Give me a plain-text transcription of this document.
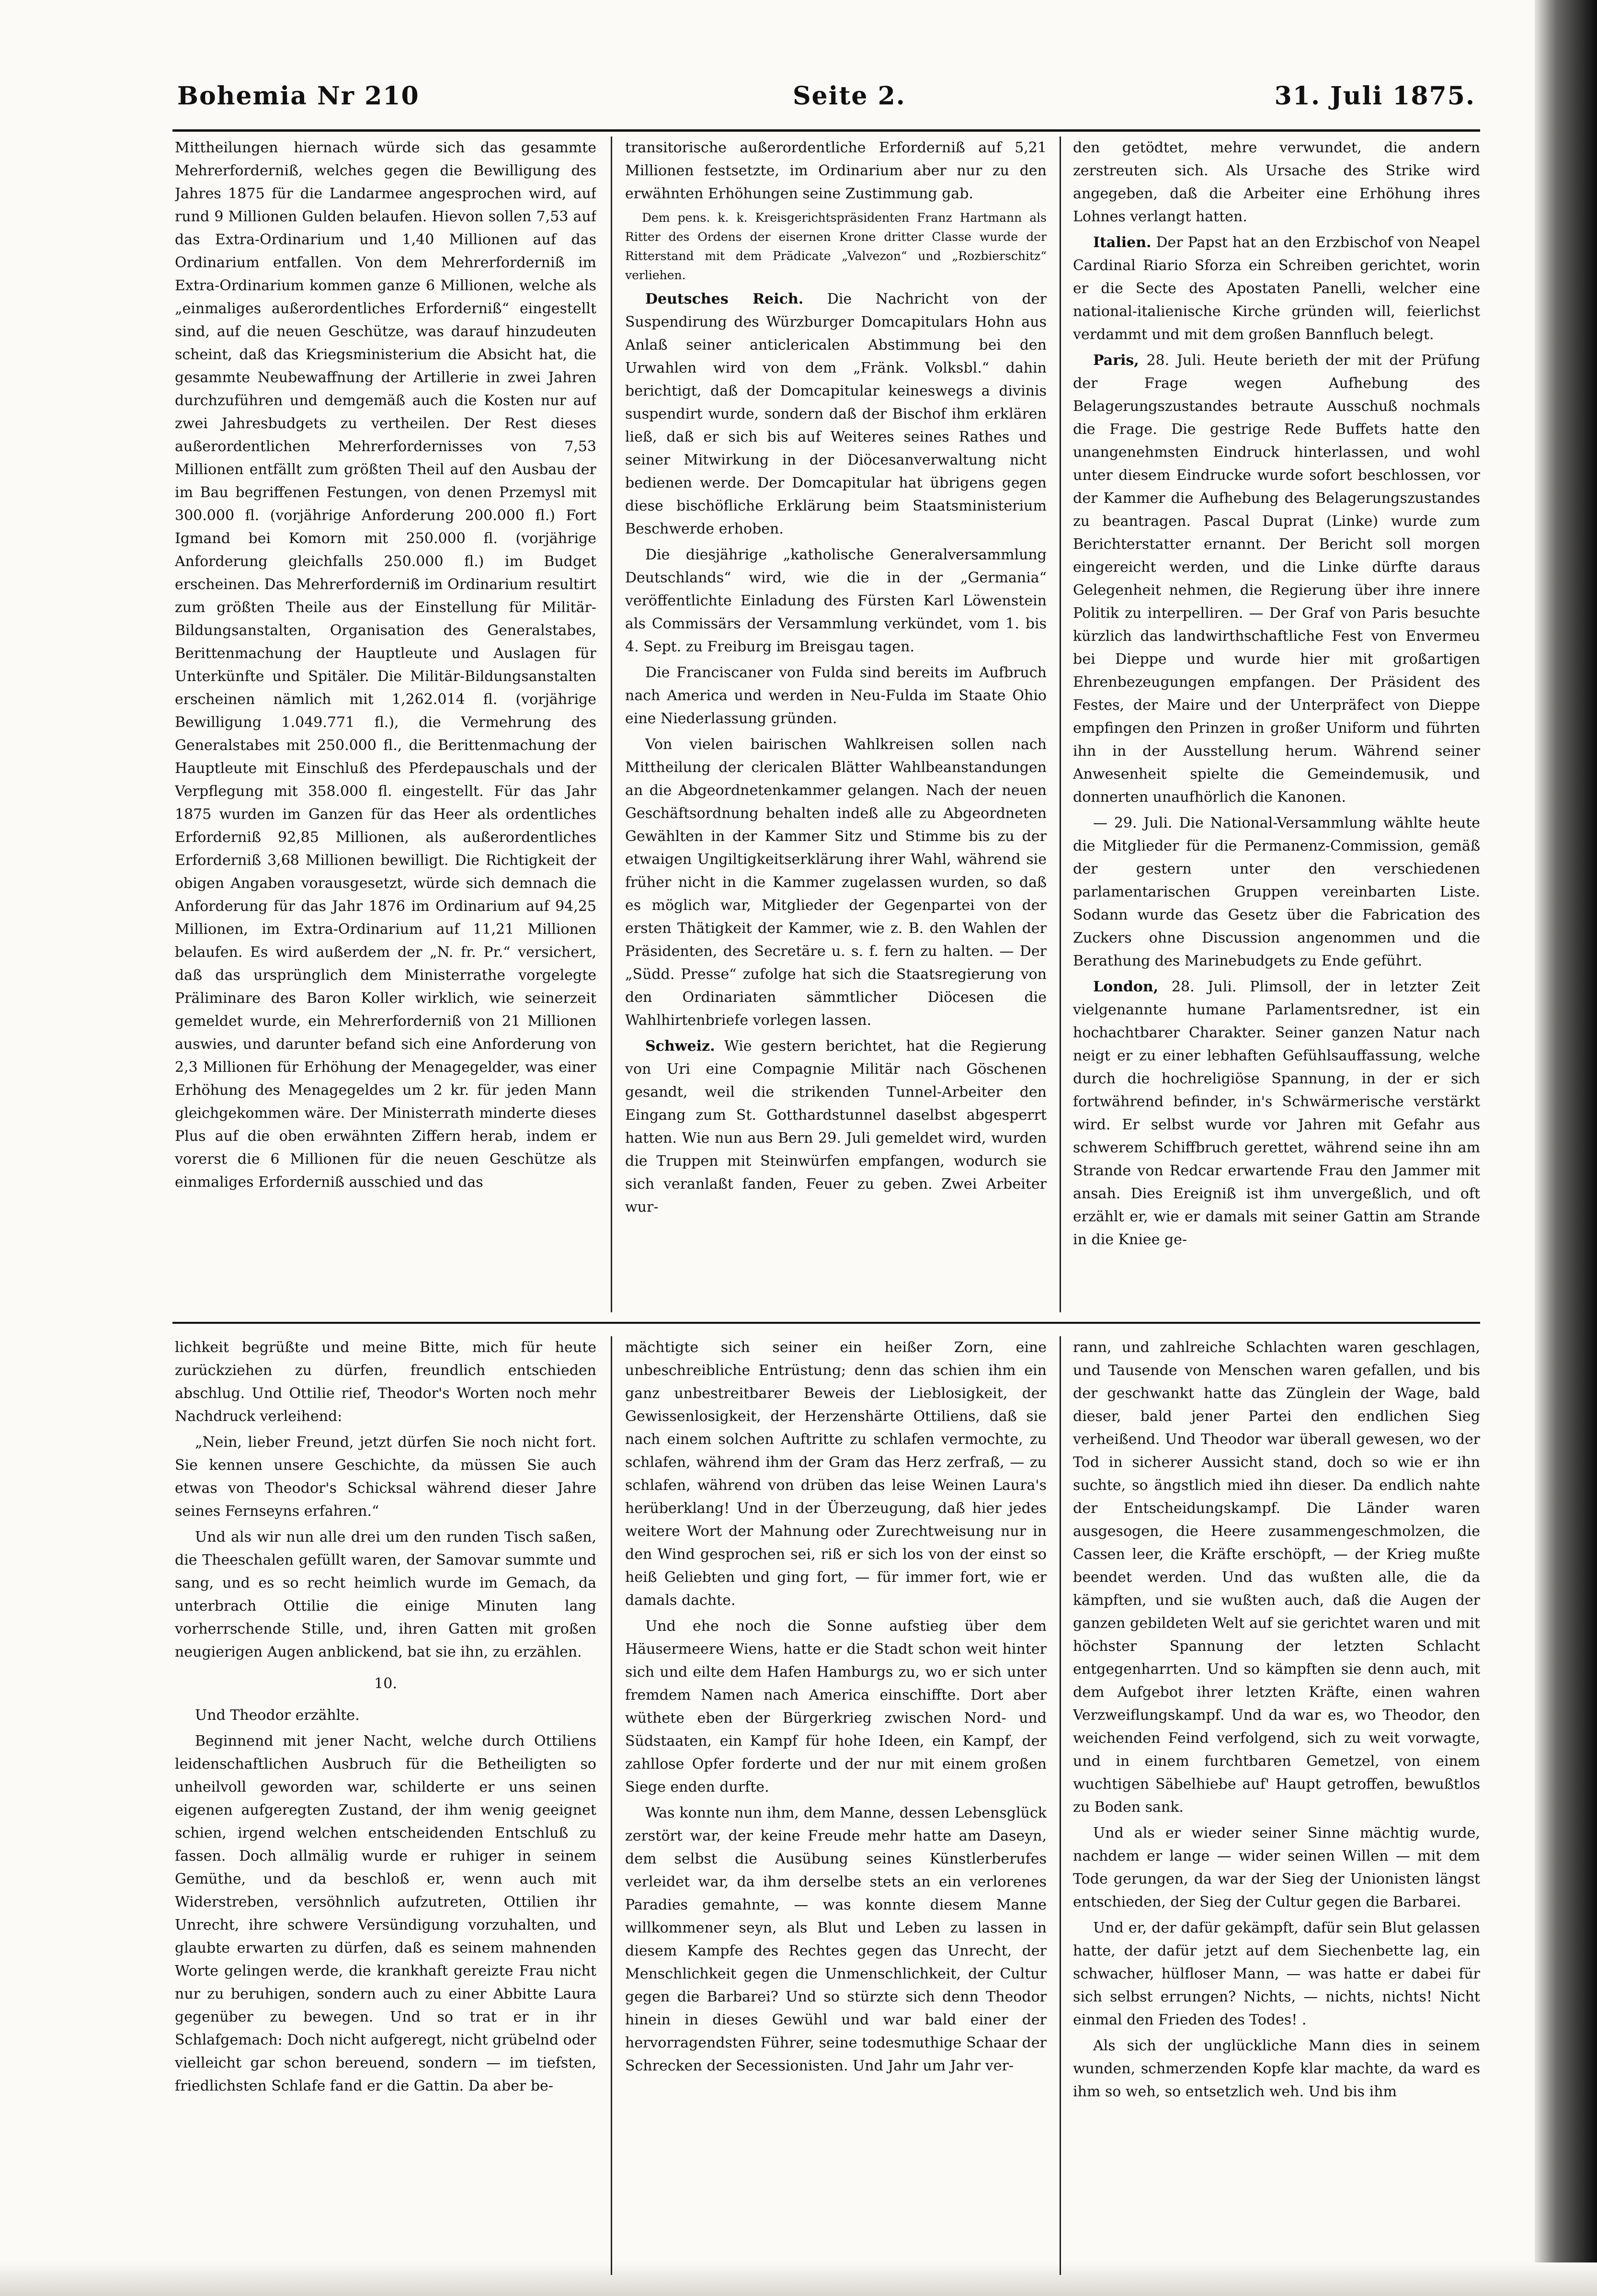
Bohemia Nr 210	Seite 2.	31. Juli 1875.

Mittheilungen hiernach würde sich das gesammte Mehrerforderniß, welches gegen die Bewilligung des Jahres 1875 für die Landarmee angesprochen wird, auf rund 9 Millionen Gulden belaufen. Hievon sollen 7,53 auf das Extra-Ordinarium und 1,40 Millionen auf das Ordinarium entfallen. Von dem Mehrerforderniß im Extra-Ordinarium kommen ganze 6 Millionen, welche als „einmaliges außerordentliches Erforderniß“ eingestellt sind, auf die neuen Geschütze, was darauf hinzudeuten scheint, daß das Kriegsministerium die Absicht hat, die gesammte Neubewaffnung der Artillerie in zwei Jahren durchzuführen und demgemäß auch die Kosten nur auf zwei Jahresbudgets zu vertheilen. Der Rest dieses außerordentlichen Mehrerfordernisses von 7,53 Millionen entfällt zum größten Theil auf den Ausbau der im Bau begriffenen Festungen, von denen Przemysl mit 300.000 fl. (vorjährige Anforderung 200.000 fl.) Fort Igmand bei Komorn mit 250.000 fl. (vorjährige Anforderung gleichfalls 250.000 fl.) im Budget erscheinen. Das Mehrerforderniß im Ordinarium resultirt zum größten Theile aus der Einstellung für Militär-Bildungsanstalten, Organisation des Generalstabes, Berittenmachung der Hauptleute und Auslagen für Unterkünfte und Spitäler. Die Militär-Bildungsanstalten erscheinen nämlich mit 1,262.014 fl. (vorjährige Bewilligung 1.049.771 fl.), die Vermehrung des Generalstabes mit 250.000 fl., die Berittenmachung der Hauptleute mit Einschluß des Pferdepauschals und der Verpflegung mit 358.000 fl. eingestellt. Für das Jahr 1875 wurden im Ganzen für das Heer als ordentliches Erforderniß 92,85 Millionen, als außerordentliches Erforderniß 3,68 Millionen bewilligt. Die Richtigkeit der obigen Angaben vorausgesetzt, würde sich demnach die Anforderung für das Jahr 1876 im Ordinarium auf 94,25 Millionen, im Extra-Ordinarium auf 11,21 Millionen belaufen. Es wird außerdem der „N. fr. Pr.“ versichert, daß das ursprünglich dem Ministerrathe vorgelegte Präliminare des Baron Koller wirklich, wie seinerzeit gemeldet wurde, ein Mehrerforderniß von 21 Millionen auswies, und darunter befand sich eine Anforderung von 2,3 Millionen für Erhöhung der Menagegelder, was einer Erhöhung des Menagegeldes um 2 kr. für jeden Mann gleichgekommen wäre. Der Ministerrath minderte dieses Plus auf die oben erwähnten Ziffern herab, indem er vorerst die 6 Millionen für die neuen Geschütze als einmaliges Erforderniß ausschied und das

transitorische außerordentliche Erforderniß auf 5,21 Millionen festsetzte, im Ordinarium aber nur zu den erwähnten Erhöhungen seine Zustimmung gab.

Dem pens. k. k. Kreisgerichtspräsidenten Franz Hartmann als Ritter des Ordens der eisernen Krone dritter Classe wurde der Ritterstand mit dem Prädicate „Valvezon“ und „Rozbierschitz“ verliehen.

Deutsches Reich. Die Nachricht von der Suspendirung des Würzburger Domcapitulars Hohn aus Anlaß seiner anticlericalen Abstimmung bei den Urwahlen wird von dem „Fränk. Volksbl.“ dahin berichtigt, daß der Domcapitular keineswegs a divinis suspendirt wurde, sondern daß der Bischof ihm erklären ließ, daß er sich bis auf Weiteres seines Rathes und seiner Mitwirkung in der Diöcesanverwaltung nicht bedienen werde. Der Domcapitular hat übrigens gegen diese bischöfliche Erklärung beim Staatsministerium Beschwerde erhoben.

Die diesjährige „katholische Generalversammlung Deutschlands“ wird, wie die in der „Germania“ veröffentlichte Einladung des Fürsten Karl Löwenstein als Commissärs der Versammlung verkündet, vom 1. bis 4. Sept. zu Freiburg im Breisgau tagen.

Die Franciscaner von Fulda sind bereits im Aufbruch nach America und werden in Neu-Fulda im Staate Ohio eine Niederlassung gründen.

Von vielen bairischen Wahlkreisen sollen nach Mittheilung der clericalen Blätter Wahlbeanstandungen an die Abgeordnetenkammer gelangen. Nach der neuen Geschäftsordnung behalten indeß alle zu Abgeordneten Gewählten in der Kammer Sitz und Stimme bis zu der etwaigen Ungiltigkeitserklärung ihrer Wahl, während sie früher nicht in die Kammer zugelassen wurden, so daß es möglich war, Mitglieder der Gegenpartei von der ersten Thätigkeit der Kammer, wie z. B. den Wahlen der Präsidenten, des Secretäre u. s. f. fern zu halten. — Der „Südd. Presse“ zufolge hat sich die Staatsregierung von den Ordinariaten sämmtlicher Diöcesen die Wahlhirtenbriefe vorlegen lassen.

Schweiz. Wie gestern berichtet, hat die Regierung von Uri eine Compagnie Militär nach Göschenen gesandt, weil die strikenden Tunnel-Arbeiter den Eingang zum St. Gotthardstunnel daselbst abgesperrt hatten. Wie nun aus Bern 29. Juli gemeldet wird, wurden die Truppen mit Steinwürfen empfangen, wodurch sie sich veranlaßt fanden, Feuer zu geben. Zwei Arbeiter wur-

den getödtet, mehre verwundet, die andern zerstreuten sich. Als Ursache des Strike wird angegeben, daß die Arbeiter eine Erhöhung ihres Lohnes verlangt hatten.

Italien. Der Papst hat an den Erzbischof von Neapel Cardinal Riario Sforza ein Schreiben gerichtet, worin er die Secte des Apostaten Panelli, welcher eine national-italienische Kirche gründen will, feierlichst verdammt und mit dem großen Bannfluch belegt.

Paris, 28. Juli. Heute berieth der mit der Prüfung der Frage wegen Aufhebung des Belagerungszustandes betraute Ausschuß nochmals die Frage. Die gestrige Rede Buffets hatte den unangenehmsten Eindruck hinterlassen, und wohl unter diesem Eindrucke wurde sofort beschlossen, vor der Kammer die Aufhebung des Belagerungszustandes zu beantragen. Pascal Duprat (Linke) wurde zum Berichterstatter ernannt. Der Bericht soll morgen eingereicht werden, und die Linke dürfte daraus Gelegenheit nehmen, die Regierung über ihre innere Politik zu interpelliren. — Der Graf von Paris besuchte kürzlich das landwirthschaftliche Fest von Envermeu bei Dieppe und wurde hier mit großartigen Ehrenbezeugungen empfangen. Der Präsident des Festes, der Maire und der Unterpräfect von Dieppe empfingen den Prinzen in großer Uniform und führten ihn in der Ausstellung herum. Während seiner Anwesenheit spielte die Gemeindemusik, und donnerten unaufhörlich die Kanonen.

— 29. Juli. Die National-Versammlung wählte heute die Mitglieder für die Permanenz-Commission, gemäß der gestern unter den verschiedenen parlamentarischen Gruppen vereinbarten Liste. Sodann wurde das Gesetz über die Fabrication des Zuckers ohne Discussion angenommen und die Berathung des Marinebudgets zu Ende geführt.

London, 28. Juli. Plimsoll, der in letzter Zeit vielgenannte humane Parlamentsredner, ist ein hochachtbarer Charakter. Seiner ganzen Natur nach neigt er zu einer lebhaften Gefühlsauffassung, welche durch die hochreligiöse Spannung, in der er sich fortwährend befinder, in's Schwärmerische verstärkt wird. Er selbst wurde vor Jahren mit Gefahr aus schwerem Schiffbruch gerettet, während seine ihn am Strande von Redcar erwartende Frau den Jammer mit ansah. Dies Ereigniß ist ihm unvergeßlich, und oft erzählt er, wie er damals mit seiner Gattin am Strande in die Kniee ge-

lichkeit begrüßte und meine Bitte, mich für heute zurückziehen zu dürfen, freundlich entschieden abschlug. Und Ottilie rief, Theodor's Worten noch mehr Nachdruck verleihend:

„Nein, lieber Freund, jetzt dürfen Sie noch nicht fort. Sie kennen unsere Geschichte, da müssen Sie auch etwas von Theodor's Schicksal während dieser Jahre seines Fernseyns erfahren.“

Und als wir nun alle drei um den runden Tisch saßen, die Theeschalen gefüllt waren, der Samovar summte und sang, und es so recht heimlich wurde im Gemach, da unterbrach Ottilie die einige Minuten lang vorherrschende Stille, und, ihren Gatten mit großen neugierigen Augen anblickend, bat sie ihn, zu erzählen.

10.

Und Theodor erzählte.

Beginnend mit jener Nacht, welche durch Ottiliens leidenschaftlichen Ausbruch für die Betheiligten so unheilvoll geworden war, schilderte er uns seinen eigenen aufgeregten Zustand, der ihm wenig geeignet schien, irgend welchen entscheidenden Entschluß zu fassen. Doch allmälig wurde er ruhiger in seinem Gemüthe, und da beschloß er, wenn auch mit Widerstreben, versöhnlich aufzutreten, Ottilien ihr Unrecht, ihre schwere Versündigung vorzuhalten, und glaubte erwarten zu dürfen, daß es seinem mahnenden Worte gelingen werde, die krankhaft gereizte Frau nicht nur zu beruhigen, sondern auch zu einer Abbitte Laura gegenüber zu bewegen. Und so trat er in ihr Schlafgemach: Doch nicht aufgeregt, nicht grübelnd oder vielleicht gar schon bereuend, sondern — im tiefsten, friedlichsten Schlafe fand er die Gattin. Da aber be-

mächtigte sich seiner ein heißer Zorn, eine unbeschreibliche Entrüstung; denn das schien ihm ein ganz unbestreitbarer Beweis der Lieblosigkeit, der Gewissenlosigkeit, der Herzenshärte Ottiliens, daß sie nach einem solchen Auftritte zu schlafen vermochte, zu schlafen, während ihm der Gram das Herz zerfraß, — zu schlafen, während von drüben das leise Weinen Laura's herüberklang! Und in der Überzeugung, daß hier jedes weitere Wort der Mahnung oder Zurechtweisung nur in den Wind gesprochen sei, riß er sich los von der einst so heiß Geliebten und ging fort, — für immer fort, wie er damals dachte.

Und ehe noch die Sonne aufstieg über dem Häusermeere Wiens, hatte er die Stadt schon weit hinter sich und eilte dem Hafen Hamburgs zu, wo er sich unter fremdem Namen nach America einschiffte. Dort aber wüthete eben der Bürgerkrieg zwischen Nord- und Südstaaten, ein Kampf für hohe Ideen, ein Kampf, der zahllose Opfer forderte und der nur mit einem großen Siege enden durfte.

Was konnte nun ihm, dem Manne, dessen Lebensglück zerstört war, der keine Freude mehr hatte am Daseyn, dem selbst die Ausübung seines Künstlerberufes verleidet war, da ihm derselbe stets an ein verlorenes Paradies gemahnte, — was konnte diesem Manne willkommener seyn, als Blut und Leben zu lassen in diesem Kampfe des Rechtes gegen das Unrecht, der Menschlichkeit gegen die Unmenschlichkeit, der Cultur gegen die Barbarei? Und so stürzte sich denn Theodor hinein in dieses Gewühl und war bald einer der hervorragendsten Führer, seine todesmuthige Schaar der Schrecken der Secessionisten. Und Jahr um Jahr ver-

rann, und zahlreiche Schlachten waren geschlagen, und Tausende von Menschen waren gefallen, und bis der geschwankt hatte das Zünglein der Wage, bald dieser, bald jener Partei den endlichen Sieg verheißend. Und Theodor war überall gewesen, wo der Tod in sicherer Aussicht stand, doch so wie er ihn suchte, so ängstlich mied ihn dieser. Da endlich nahte der Entscheidungskampf. Die Länder waren ausgesogen, die Heere zusammengeschmolzen, die Cassen leer, die Kräfte erschöpft, — der Krieg mußte beendet werden. Und das wußten alle, die da kämpften, und sie wußten auch, daß die Augen der ganzen gebildeten Welt auf sie gerichtet waren und mit höchster Spannung der letzten Schlacht entgegenharrten. Und so kämpften sie denn auch, mit dem Aufgebot ihrer letzten Kräfte, einen wahren Verzweiflungskampf. Und da war es, wo Theodor, den weichenden Feind verfolgend, sich zu weit vorwagte, und in einem furchtbaren Gemetzel, von einem wuchtigen Säbelhiebe auf' Haupt getroffen, bewußtlos zu Boden sank.

Und als er wieder seiner Sinne mächtig wurde, nachdem er lange — wider seinen Willen — mit dem Tode gerungen, da war der Sieg der Unionisten längst entschieden, der Sieg der Cultur gegen die Barbarei.

Und er, der dafür gekämpft, dafür sein Blut gelassen hatte, der dafür jetzt auf dem Siechenbette lag, ein schwacher, hülfloser Mann, — was hatte er dabei für sich selbst errungen? Nichts, — nichts, nichts! Nicht einmal den Frieden des Todes! .

Als sich der unglückliche Mann dies in seinem wunden, schmerzenden Kopfe klar machte, da ward es ihm so weh, so entsetzlich weh. Und bis ihm
